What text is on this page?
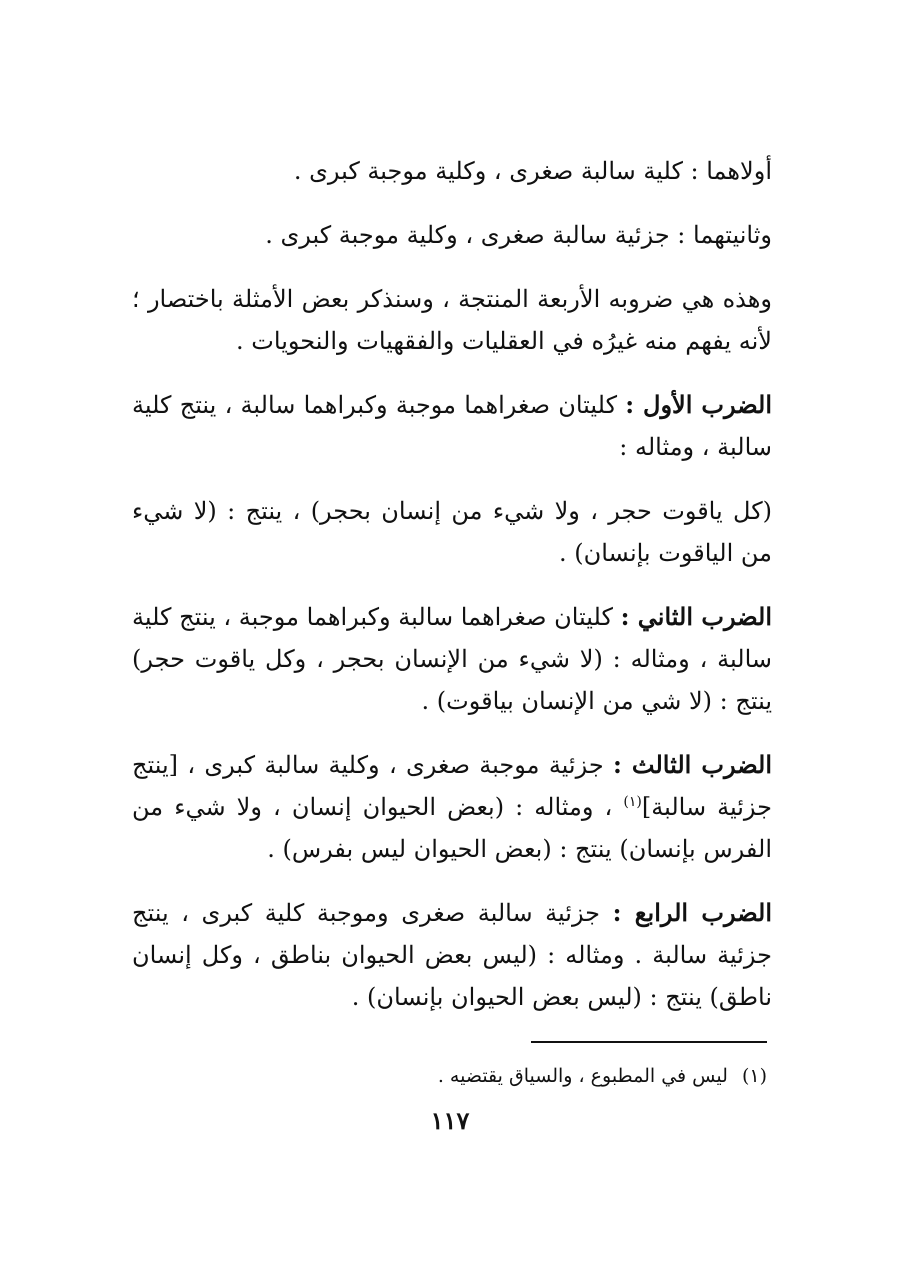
أولاهما : كلية سالبة صغرى ، وكلية موجبة كبرى .

وثانيتهما : جزئية سالبة صغرى ، وكلية موجبة كبرى .

وهذه هي ضروبه الأربعة المنتجة ، وسنذكر بعض الأمثلة باختصار ؛ لأنه يفهم منه غيرُه في العقليات والفقهيات والنحويات .

الضرب الأول : كليتان صغراهما موجبة وكبراهما سالبة ، ينتج كلية سالبة ، ومثاله :

(كل ياقوت حجر ، ولا شيء من إنسان بحجر) ، ينتج : (لا شيء من الياقوت بإنسان) .

الضرب الثاني : كليتان صغراهما سالبة وكبراهما موجبة ، ينتج كلية سالبة ، ومثاله : (لا شيء من الإنسان بحجر ، وكل ياقوت حجر) ينتج : (لا شي من الإنسان بياقوت) .

الضرب الثالث : جزئية موجبة صغرى ، وكلية سالبة كبرى ، [ينتج جزئية سالبة]$^{(١)}$ ، ومثاله : (بعض الحيوان إنسان ، ولا شيء من الفرس بإنسان) ينتج : (بعض الحيوان ليس بفرس) .

الضرب الرابع : جزئية سالبة صغرى وموجبة كلية كبرى ، ينتج جزئية سالبة . ومثاله : (ليس بعض الحيوان بناطق ، وكل إنسان ناطق) ينتج : (ليس بعض الحيوان بإنسان) .

(١)ليس في المطبوع ، والسياق يقتضيه .
١١٧
